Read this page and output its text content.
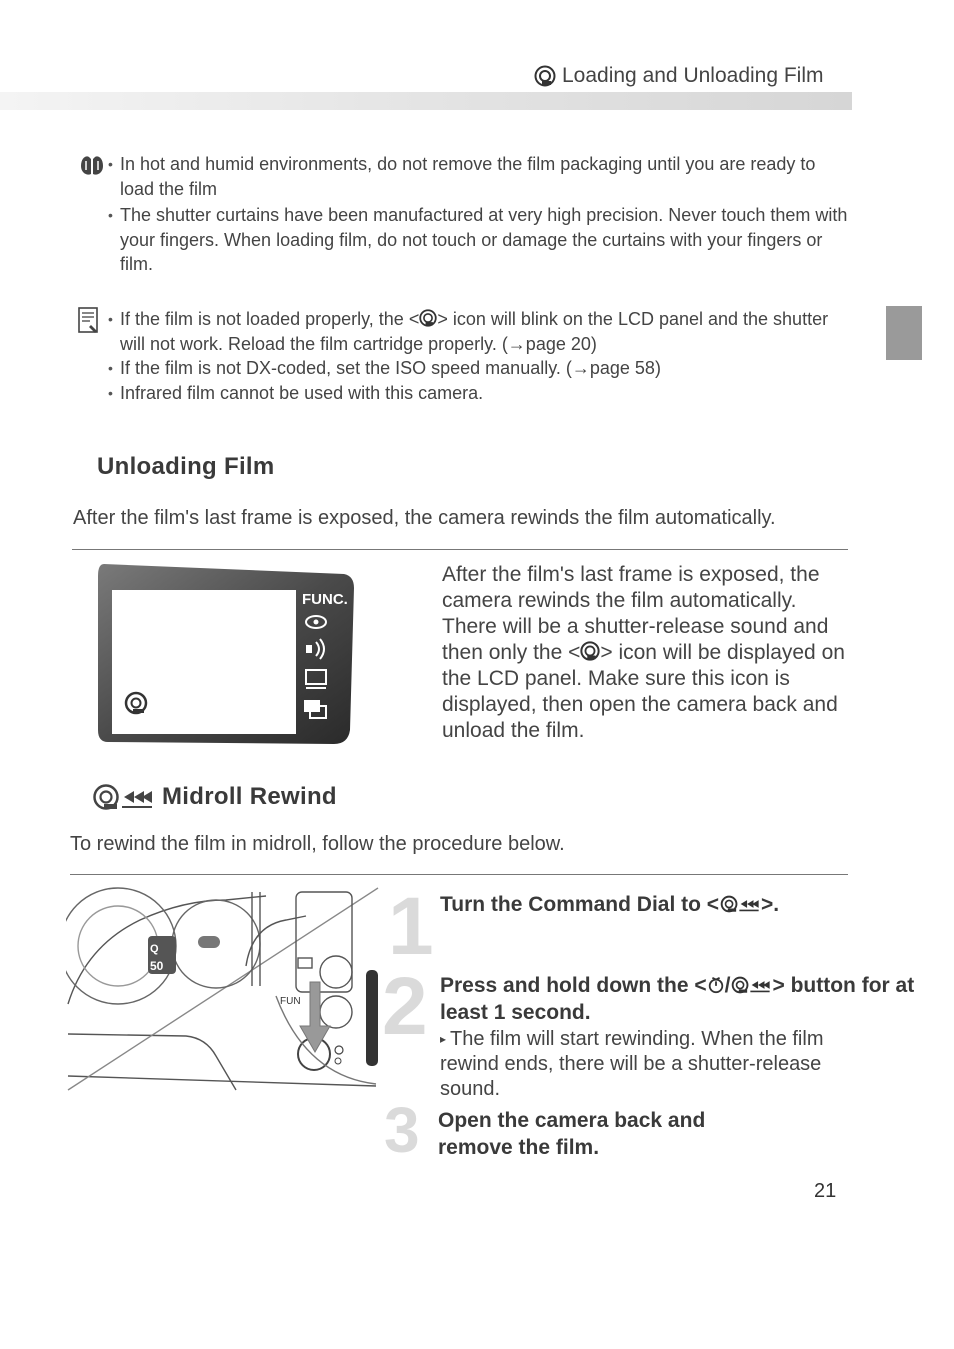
Loading and Unloading Film
• In hot and humid environments, do not remove the film packaging until you are ready to load the film
• The shutter curtains have been manufactured at very high precision. Never touch them with your fingers. When loading film, do not touch or damage the curtains with your fingers or film.
• If the film is not loaded properly, the < > icon will blink on the LCD panel and the shutter will not work. Reload the film cartridge properly. (→page 20)
• If the film is not DX-coded, set the ISO speed manually. (→page 58)
• Infrared film cannot be used with this camera.
Unloading Film
After the film's last frame is exposed, the camera rewinds the film automatically.
FUNC.
After the film's last frame is exposed, the camera rewinds the film automatically. There will be a shutter-release sound and then only the < > icon will be displayed on the LCD panel. Make sure this icon is displayed, then open the camera back and unload the film.
Midroll Rewind
To rewind the film in midroll, follow the procedure below.
Q
50
FUN
1
2
3
Turn the Command Dial to < >.
Press and hold down the < / > button for at least 1 second.
▸ The film will start rewinding. When the film rewind ends, there will be a shutter-release sound.
Open the camera back and remove the film.
21
